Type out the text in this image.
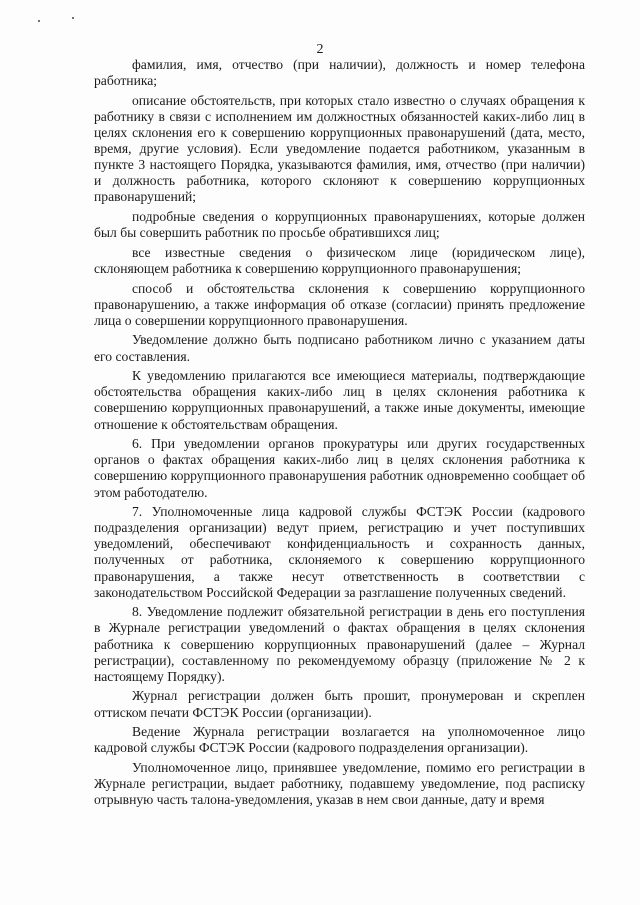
2

фамилия, имя, отчество (при наличии), должность и номер телефона работника;

описание обстоятельств, при которых стало известно о случаях обращения к работнику в связи с исполнением им должностных обязанностей каких-либо лиц в целях склонения его к совершению коррупционных правонарушений (дата, место, время, другие условия). Если уведомление подается работником, указанным в пункте 3 настоящего Порядка, указываются фамилия, имя, отчество (при наличии) и должность работника, которого склоняют к совершению коррупционных правонарушений;

подробные сведения о коррупционных правонарушениях, которые должен был бы совершить работник по просьбе обратившихся лиц;

все известные сведения о физическом лице (юридическом лице), склоняющем работника к совершению коррупционного правонарушения;

способ и обстоятельства склонения к совершению коррупционного правонарушению, а также информация об отказе (согласии) принять предложение лица о совершении коррупционного правонарушения.

Уведомление должно быть подписано работником лично с указанием даты его составления.

К уведомлению прилагаются все имеющиеся материалы, подтверждающие обстоятельства обращения каких-либо лиц в целях склонения работника к совершению коррупционных правонарушений, а также иные документы, имеющие отношение к обстоятельствам обращения.

6. При уведомлении органов прокуратуры или других государственных органов о фактах обращения каких-либо лиц в целях склонения работника к совершению коррупционного правонарушения работник одновременно сообщает об этом работодателю.

7. Уполномоченные лица кадровой службы ФСТЭК России (кадрового подразделения организации) ведут прием, регистрацию и учет поступивших уведомлений, обеспечивают конфиденциальность и сохранность данных, полученных от работника, склоняемого к совершению коррупционного правонарушения, а также несут ответственность в соответствии с законодательством Российской Федерации за разглашение полученных сведений.

8. Уведомление подлежит обязательной регистрации в день его поступления в Журнале регистрации уведомлений о фактах обращения в целях склонения работника к совершению коррупционных правонарушений (далее – Журнал регистрации), составленному по рекомендуемому образцу (приложение № 2 к настоящему Порядку).

Журнал регистрации должен быть прошит, пронумерован и скреплен оттиском печати ФСТЭК России (организации).

Ведение Журнала регистрации возлагается на уполномоченное лицо кадровой службы ФСТЭК России (кадрового подразделения организации).

Уполномоченное лицо, принявшее уведомление, помимо его регистрации в Журнале регистрации, выдает работнику, подавшему уведомление, под расписку отрывную часть талона-уведомления, указав в нем свои данные, дату и время
